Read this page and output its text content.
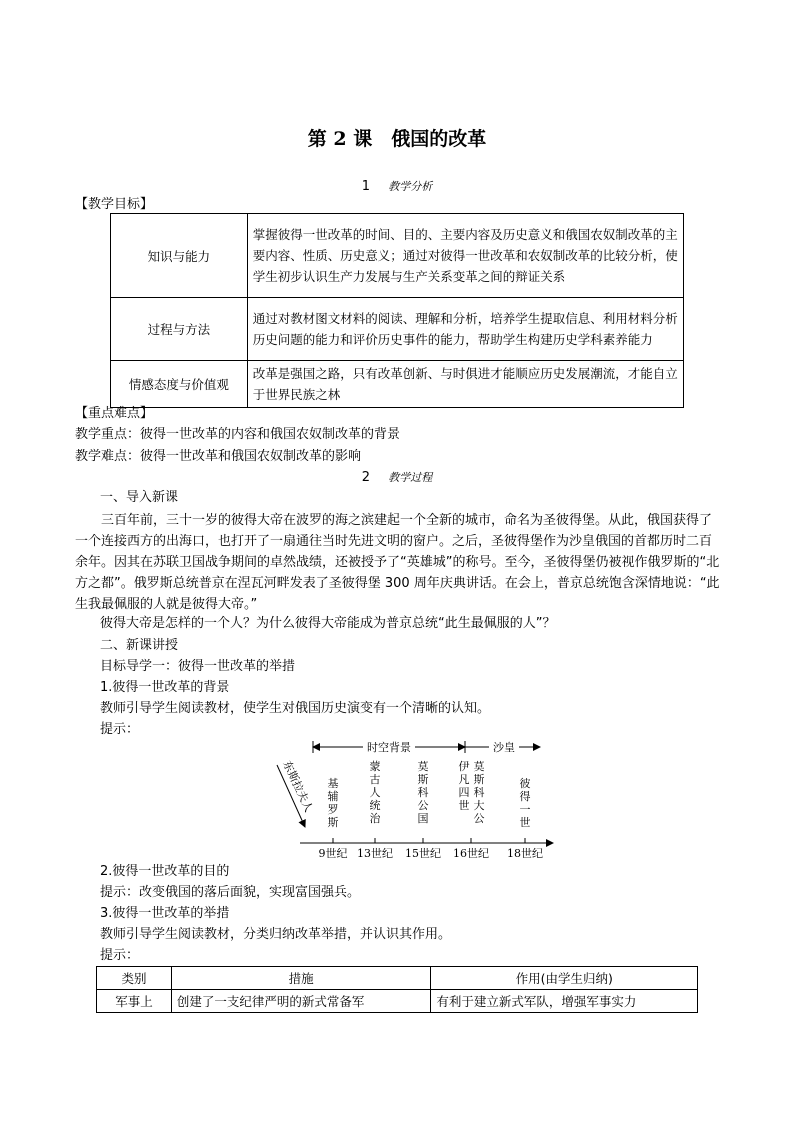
第 2 课　俄国的改革
1 教学分析
【教学目标】
知识与能力	掌握彼得一世改革的时间、目的、主要内容及历史意义和俄国农奴制改革的主要内容、性质、历史意义；通过对彼得一世改革和农奴制改革的比较分析，使学生初步认识生产力发展与生产关系变革之间的辩证关系
过程与方法	通过对教材图文材料的阅读、理解和分析，培养学生提取信息、利用材料分析历史问题的能力和评价历史事件的能力，帮助学生构建历史学科素养能力
情感态度与价值观	改革是强国之路，只有改革创新、与时俱进才能顺应历史发展潮流，才能自立于世界民族之林
【重点难点】
教学重点：彼得一世改革的内容和俄国农奴制改革的背景
教学难点：彼得一世改革和俄国农奴制改革的影响
2 教学过程
一、导入新课
三百年前，三十一岁的彼得大帝在波罗的海之滨建起一个全新的城市，命名为圣彼得堡。从此，俄国获得了一个连接西方的出海口，也打开了一扇通往当时先进文明的窗户。之后，圣彼得堡作为沙皇俄国的首都历时二百余年。因其在苏联卫国战争期间的卓然战绩，还被授予了“英雄城”的称号。至今，圣彼得堡仍被视作俄罗斯的“北方之都”。俄罗斯总统普京在涅瓦河畔发表了圣彼得堡 300 周年庆典讲话。在会上，普京总统饱含深情地说：“此生我最佩服的人就是彼得大帝。”
彼得大帝是怎样的一个人？为什么彼得大帝能成为普京总统“此生最佩服的人”？
二、新课讲授
目标导学一：彼得一世改革的举措
1.彼得一世改革的背景
教师引导学生阅读教材，使学生对俄国历史演变有一个清晰的认知。
提示：
时空背景	沙皇
东斯拉夫人 基辅罗斯
蒙古人统治
莫斯科公国
伊凡四世
莫斯科大公
彼得一世
9世纪 13世纪 15世纪 16世纪 18世纪
2.彼得一世改革的目的
提示：改变俄国的落后面貌，实现富国强兵。
3.彼得一世改革的举措
教师引导学生阅读教材，分类归纳改革举措，并认识其作用。
提示：
类别	措施	作用(由学生归纳)
军事上	创建了一支纪律严明的新式常备军	有利于建立新式军队，增强军事实力
